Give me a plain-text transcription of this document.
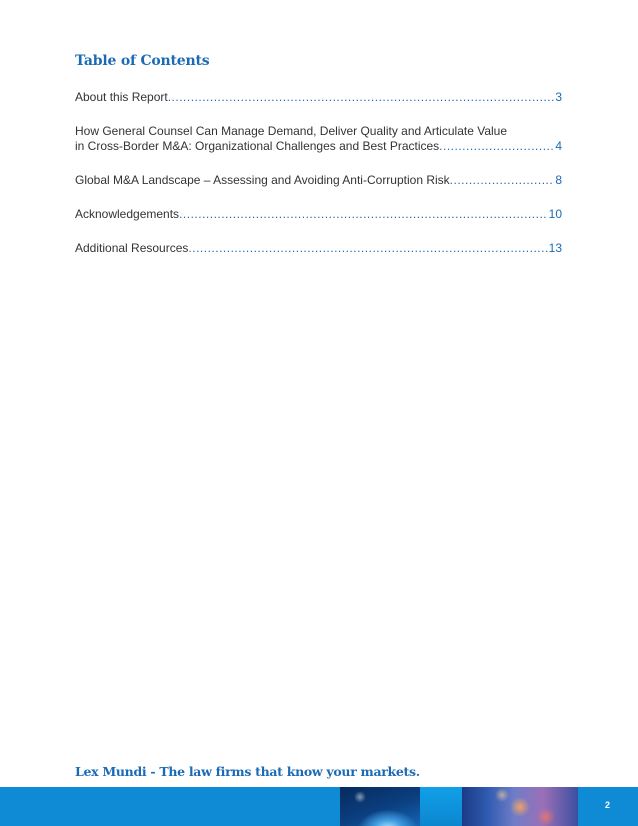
Table of Contents
About this Report .....	3
How General Counsel Can Manage Demand, Deliver Quality and Articulate Value
in Cross-Border M&A: Organizational Challenges and Best Practices .....	4
Global M&A Landscape – Assessing and Avoiding Anti-Corruption Risk .....	8
Acknowledgements .....	10
Additional Resources .....	13

Lex Mundi - The law firms that know your markets.

2
